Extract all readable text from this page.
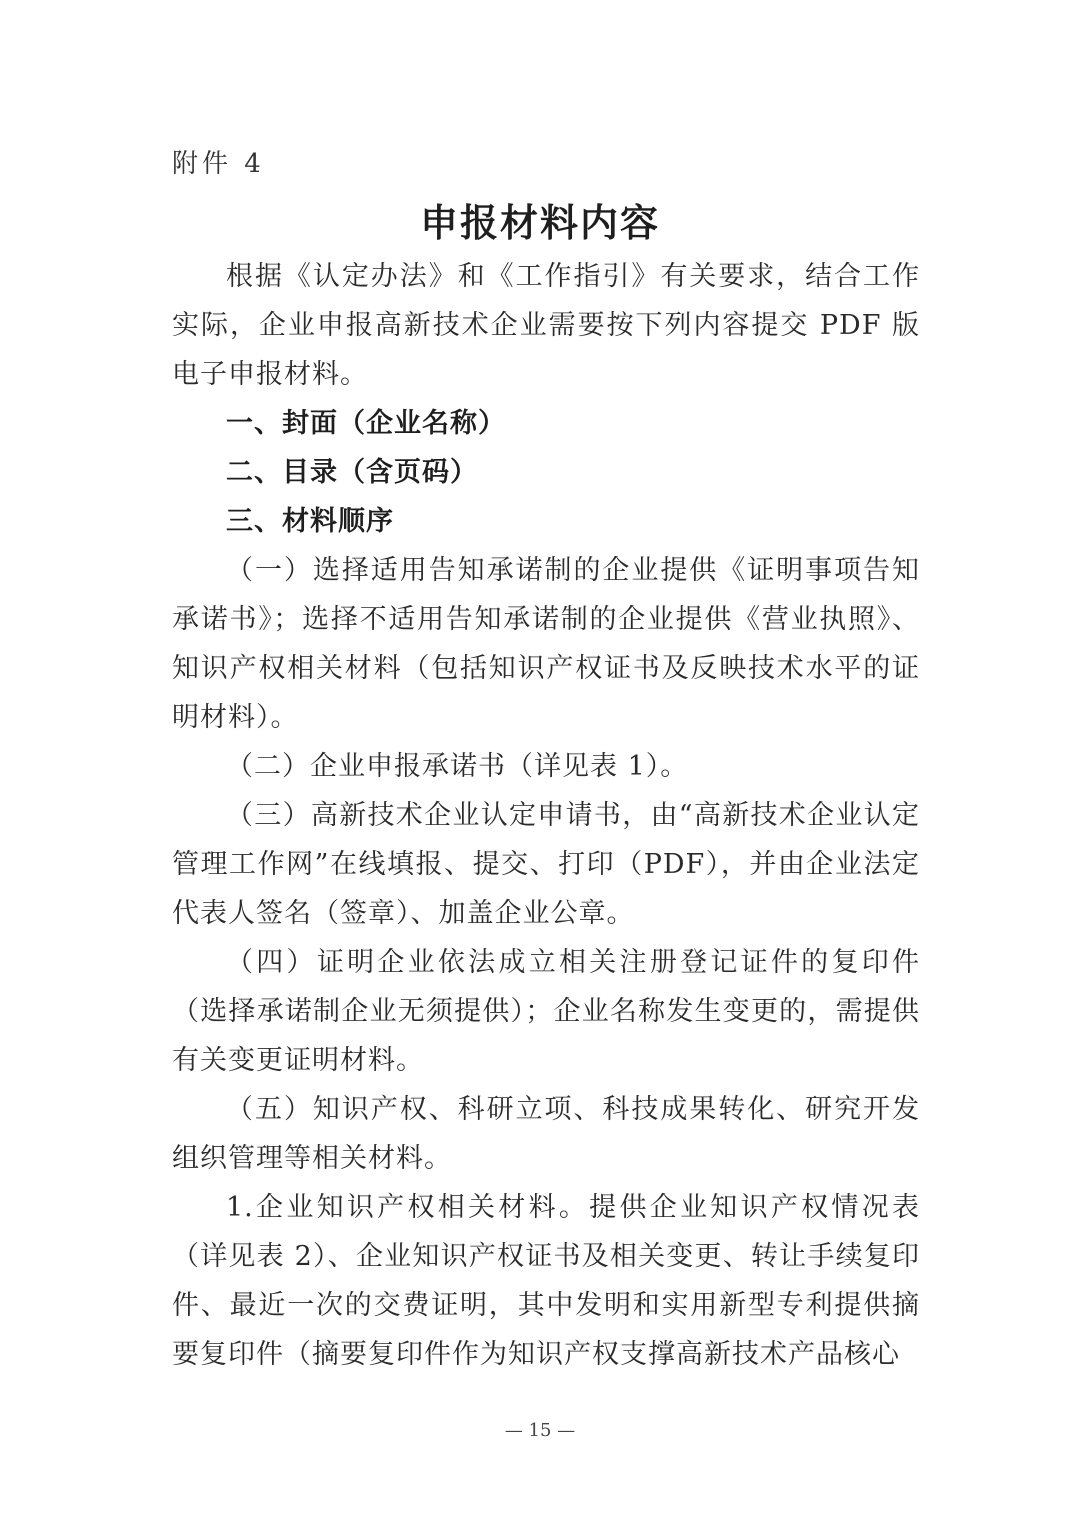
附件 4
申报材料内容

根据《认定办法》和《工作指引》有关要求，结合工作实际，企业申报高新技术企业需要按下列内容提交 PDF 版电子申报材料。

一、封面（企业名称）

二、目录（含页码）

三、材料顺序

（一）选择适用告知承诺制的企业提供《证明事项告知承诺书》；选择不适用告知承诺制的企业提供《营业执照》、知识产权相关材料（包括知识产权证书及反映技术水平的证明材料）。

（二）企业申报承诺书（详见表 1）。

（三）高新技术企业认定申请书，由“高新技术企业认定管理工作网”在线填报、提交、打印（PDF），并由企业法定代表人签名（签章）、加盖企业公章。

（四）证明企业依法成立相关注册登记证件的复印件（选择承诺制企业无须提供）；企业名称发生变更的，需提供有关变更证明材料。

（五）知识产权、科研立项、科技成果转化、研究开发组织管理等相关材料。

1.企业知识产权相关材料。提供企业知识产权情况表（详见表 2）、企业知识产权证书及相关变更、转让手续复印件、最近一次的交费证明，其中发明和实用新型专利提供摘要复印件（摘要复印件作为知识产权支撑高新技术产品核心

— 15 —
